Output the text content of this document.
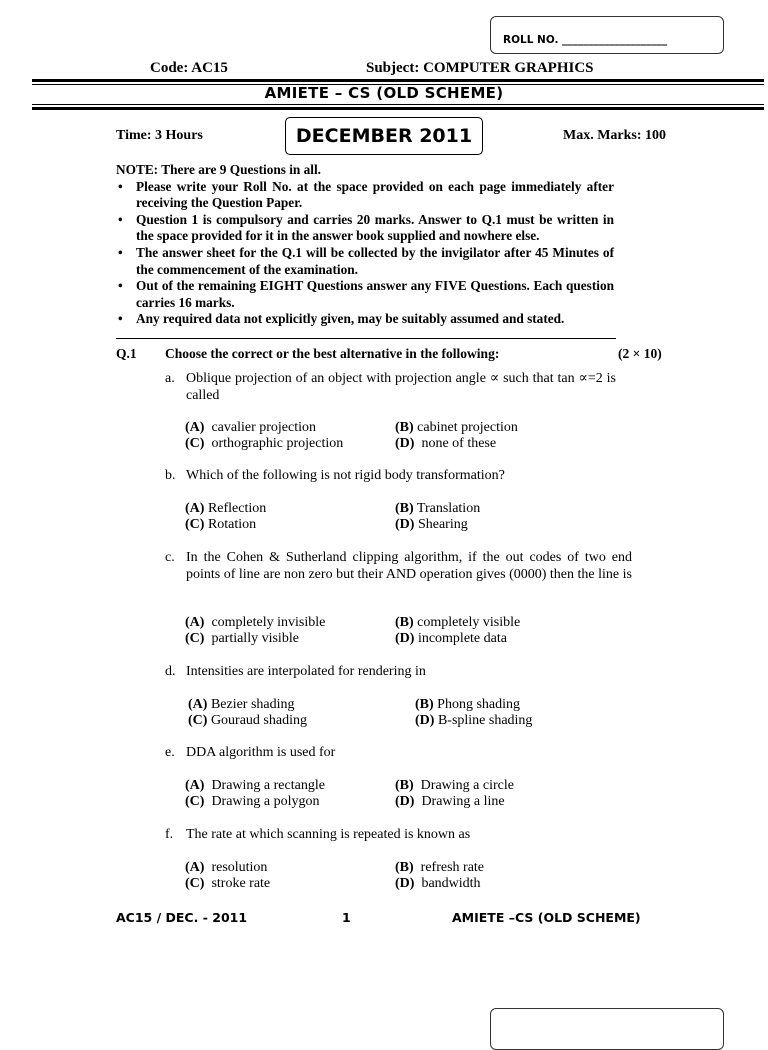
ROLL NO. ____________________
Code: AC15	Subject: COMPUTER GRAPHICS
AMIETE – CS (OLD SCHEME)
Time: 3 Hours	DECEMBER 2011	Max. Marks: 100

NOTE: There are 9 Questions in all.

• Please write your Roll No. at the space provided on each page immediately after receiving the Question Paper.
• Question 1 is compulsory and carries 20 marks. Answer to Q.1 must be written in the space provided for it in the answer book supplied and nowhere else.
• The answer sheet for the Q.1 will be collected by the invigilator after 45 Minutes of the commencement of the examination.
• Out of the remaining EIGHT Questions answer any FIVE Questions. Each question carries 16 marks.
• Any required data not explicitly given, may be suitably assumed and stated.
Q.1 Choose the correct or the best alternative in the following:	(2 × 10)
a. Oblique projection of an object with projection angle ∝ such that tan ∝=2 is called
(A) cavalier projection	(B) cabinet projection
(C) orthographic projection	(D) none of these
b. Which of the following is not rigid body transformation?
(A) Reflection	(B) Translation
(C) Rotation	(D) Shearing
c. In the Cohen & Sutherland clipping algorithm, if the out codes of two end points of line are non zero but their AND operation gives (0000) then the line is
(A) completely invisible	(B) completely visible
(C) partially visible	(D) incomplete data
d. Intensities are interpolated for rendering in
(A) Bezier shading	(B) Phong shading
(C) Gouraud shading	(D) B-spline shading
e. DDA algorithm is used for
(A) Drawing a rectangle	(B) Drawing a circle
(C) Drawing a polygon	(D) Drawing a line
f. The rate at which scanning is repeated is known as
(A) resolution	(B) refresh rate
(C) stroke rate	(D) bandwidth
AC15 / DEC. - 2011	1	AMIETE –CS (OLD SCHEME)
